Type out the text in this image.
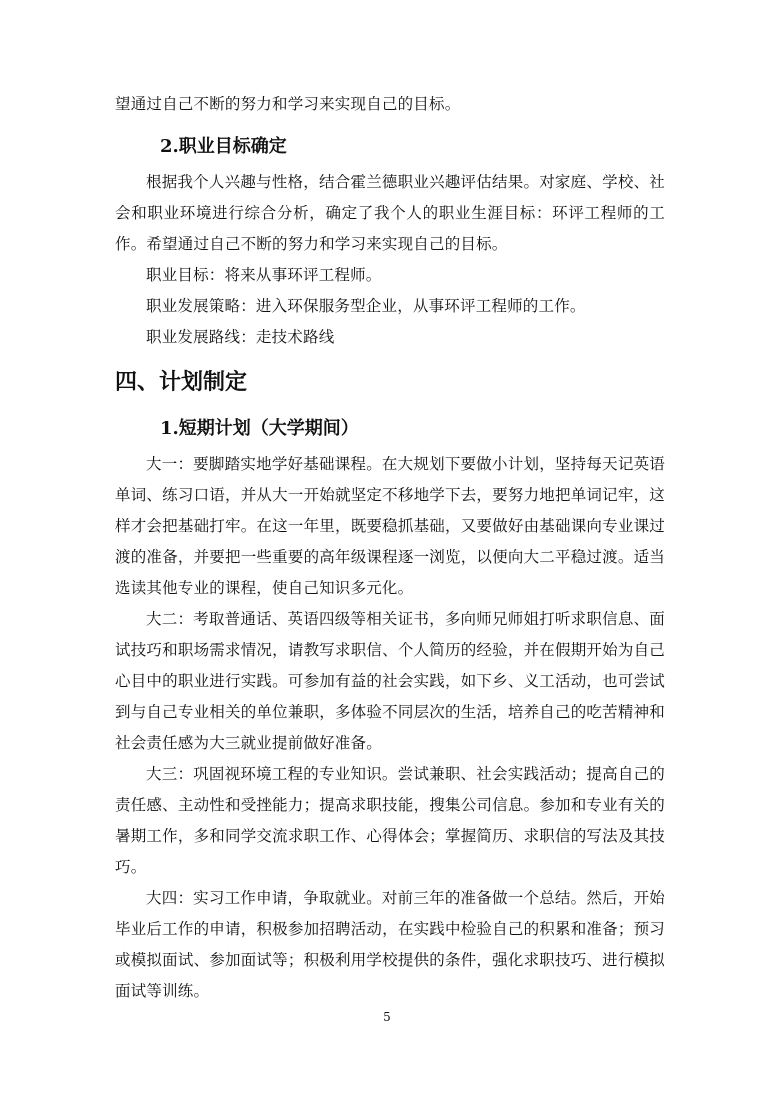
望通过自己不断的努力和学习来实现自己的目标。

2.职业目标确定

根据我个人兴趣与性格，结合霍兰德职业兴趣评估结果。对家庭、学校、社会和职业环境进行综合分析，确定了我个人的职业生涯目标：环评工程师的工作。希望通过自己不断的努力和学习来实现自己的目标。

职业目标：将来从事环评工程师。

职业发展策略：进入环保服务型企业，从事环评工程师的工作。

职业发展路线：走技术路线

四、计划制定

1.短期计划（大学期间）

大一：要脚踏实地学好基础课程。在大规划下要做小计划，坚持每天记英语单词、练习口语，并从大一开始就坚定不移地学下去，要努力地把单词记牢，这样才会把基础打牢。在这一年里，既要稳抓基础，又要做好由基础课向专业课过渡的准备，并要把一些重要的高年级课程逐一浏览，以便向大二平稳过渡。适当选读其他专业的课程，使自己知识多元化。

大二：考取普通话、英语四级等相关证书，多向师兄师姐打听求职信息、面试技巧和职场需求情况，请教写求职信、个人简历的经验，并在假期开始为自己心目中的职业进行实践。可参加有益的社会实践，如下乡、义工活动，也可尝试到与自己专业相关的单位兼职，多体验不同层次的生活，培养自己的吃苦精神和社会责任感为大三就业提前做好准备。

大三：巩固视环境工程的专业知识。尝试兼职、社会实践活动；提高自己的责任感、主动性和受挫能力；提高求职技能，搜集公司信息。参加和专业有关的暑期工作，多和同学交流求职工作、心得体会；掌握简历、求职信的写法及其技巧。

大四：实习工作申请，争取就业。对前三年的准备做一个总结。然后，开始毕业后工作的申请，积极参加招聘活动，在实践中检验自己的积累和准备；预习或模拟面试、参加面试等；积极利用学校提供的条件，强化求职技巧、进行模拟面试等训练。

5
